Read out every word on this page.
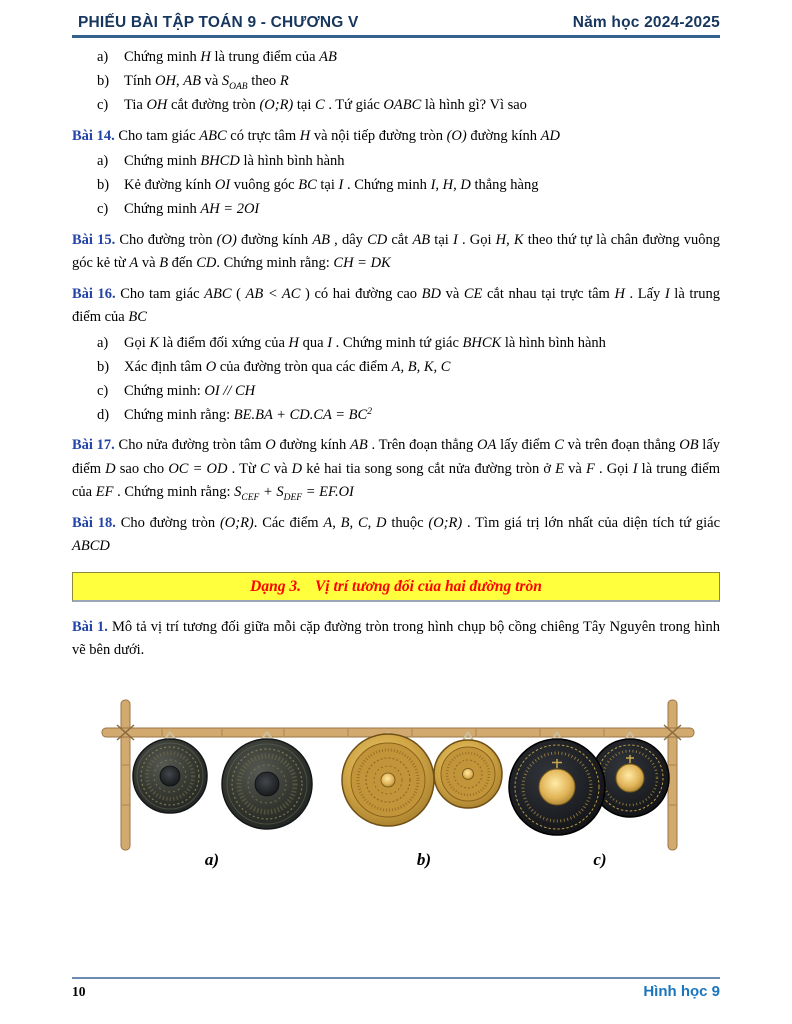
PHIẾU BÀI TẬP TOÁN 9 - CHƯƠNG V	Năm học 2024-2025
a)	Chứng minh H là trung điểm của AB
b)	Tính OH, AB và $S_{OAB}$ theo R
c)	Tia OH cắt đường tròn (O;R) tại C . Tứ giác OABC là hình gì? Vì sao
Bài 14. Cho tam giác ABC có trực tâm H và nội tiếp đường tròn (O) đường kính AD
a)	Chứng minh BHCD là hình bình hành
b)	Kẻ đường kính OI vuông góc BC tại I . Chứng minh I, H, D thẳng hàng
c)	Chứng minh AH = 2OI
Bài 15. Cho đường tròn (O) đường kính AB , dây CD cắt AB tại I . Gọi H, K theo thứ tự là chân đường vuông góc kẻ từ A và B đến CD. Chứng minh rằng: CH = DK
Bài 16. Cho tam giác ABC ( AB < AC ) có hai đường cao BD và CE cắt nhau tại trực tâm H . Lấy I là trung điểm của BC
a)	Gọi K là điểm đối xứng của H qua I . Chứng minh tứ giác BHCK là hình bình hành
b)	Xác định tâm O của đường tròn qua các điểm A, B, K, C
c)	Chứng minh: OI // CH
d)	Chứng minh rằng: $BE.BA + CD.CA = BC^2$
Bài 17. Cho nửa đường tròn tâm O đường kính AB . Trên đoạn thẳng OA lấy điểm C và trên đoạn thẳng OB lấy điểm D sao cho OC = OD . Từ C và D kẻ hai tia song song cắt nửa đường tròn ở E và F . Gọi I là trung điểm của EF . Chứng minh rằng: $S_{CEF} + S_{DEF} = EF.OI$
Bài 18. Cho đường tròn (O;R). Các điểm A, B, C, D thuộc (O;R) . Tìm giá trị lớn nhất của diện tích tứ giác ABCD
Dạng 3. Vị trí tương đối của hai đường tròn
Bài 1. Mô tả vị trí tương đối giữa mỗi cặp đường tròn trong hình chụp bộ cồng chiêng Tây Nguyên trong hình vẽ bên dưới.
a)	b)	c)
10	Hình học 9
